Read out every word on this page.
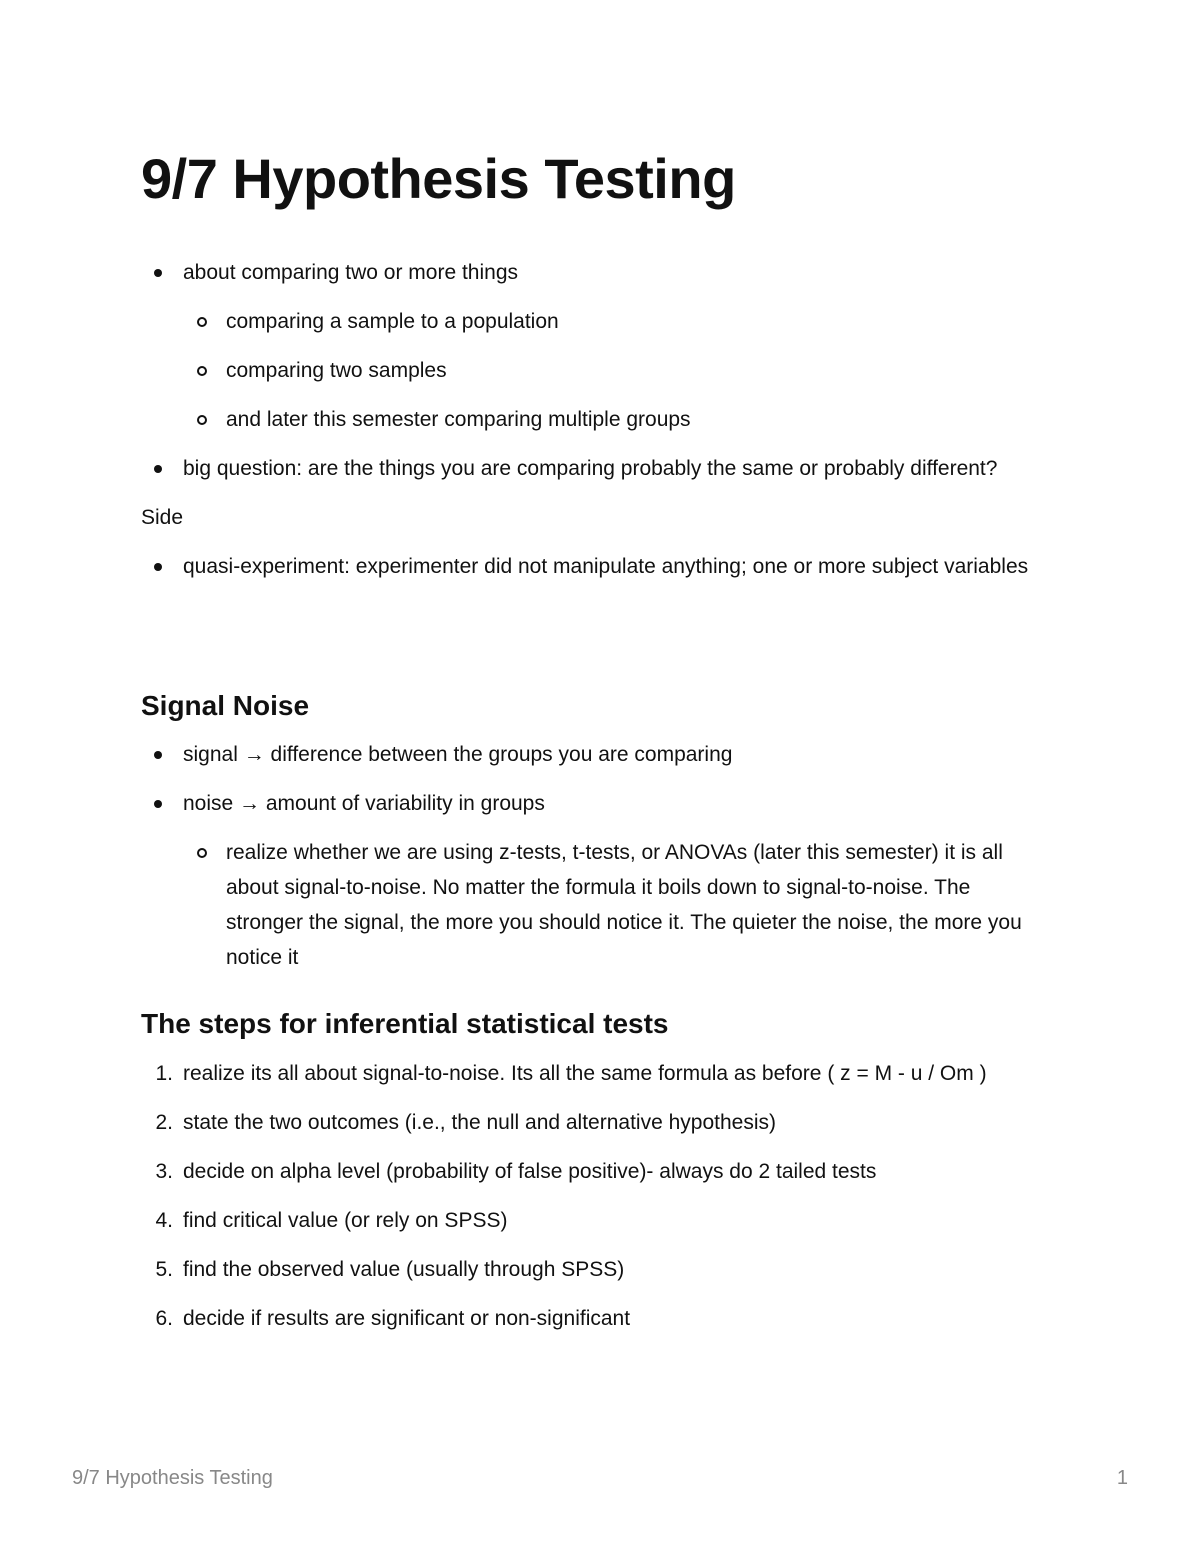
9/7 Hypothesis Testing
about comparing two or more things
comparing a sample to a population
comparing two samples
and later this semester comparing multiple groups
big question: are the things you are comparing probably the same or probably different?

Side

quasi-experiment: experimenter did not manipulate anything; one or more subject variables
Signal Noise
signal → difference between the groups you are comparing
noise → amount of variability in groups
realize whether we are using z-tests, t-tests, or ANOVAs (later this semester) it is all about signal-to-noise. No matter the formula it boils down to signal-to-noise. The stronger the signal, the more you should notice it. The quieter the noise, the more you notice it
The steps for inferential statistical tests
1. realize its all about signal-to-noise. Its all the same formula as before ( z = M - u / Om )
2. state the two outcomes (i.e., the null and alternative hypothesis)
3. decide on alpha level (probability of false positive)- always do 2 tailed tests
4. find critical value (or rely on SPSS)
5. find the observed value (usually through SPSS)
6. decide if results are significant or non-significant
9/7 Hypothesis Testing	1
